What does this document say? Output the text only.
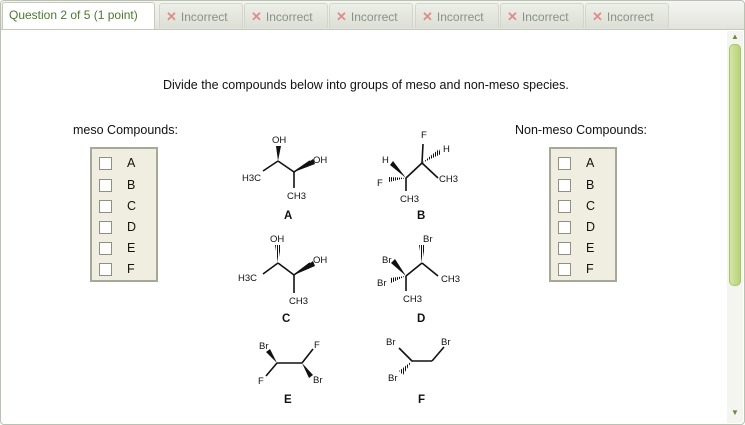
Question 2 of 5 (1 point)	✕ Incorrect	✕ Incorrect	✕ Incorrect	✕ Incorrect	✕ Incorrect	✕ Incorrect
Divide the compounds below into groups of meso and non-meso species.
meso Compounds:	Non-meso Compounds:
A
B
C
D
E
F
A
B
C
D
E
F
OH
OH
H3C
CH3
A
F
H
H
F	CH3
CH3
B
OH
OH
H3C
CH3
C
Br
Br
Br	CH3
CH3
D
Br	F
F	Br
E
Br	Br
Br
F
▲
▼
